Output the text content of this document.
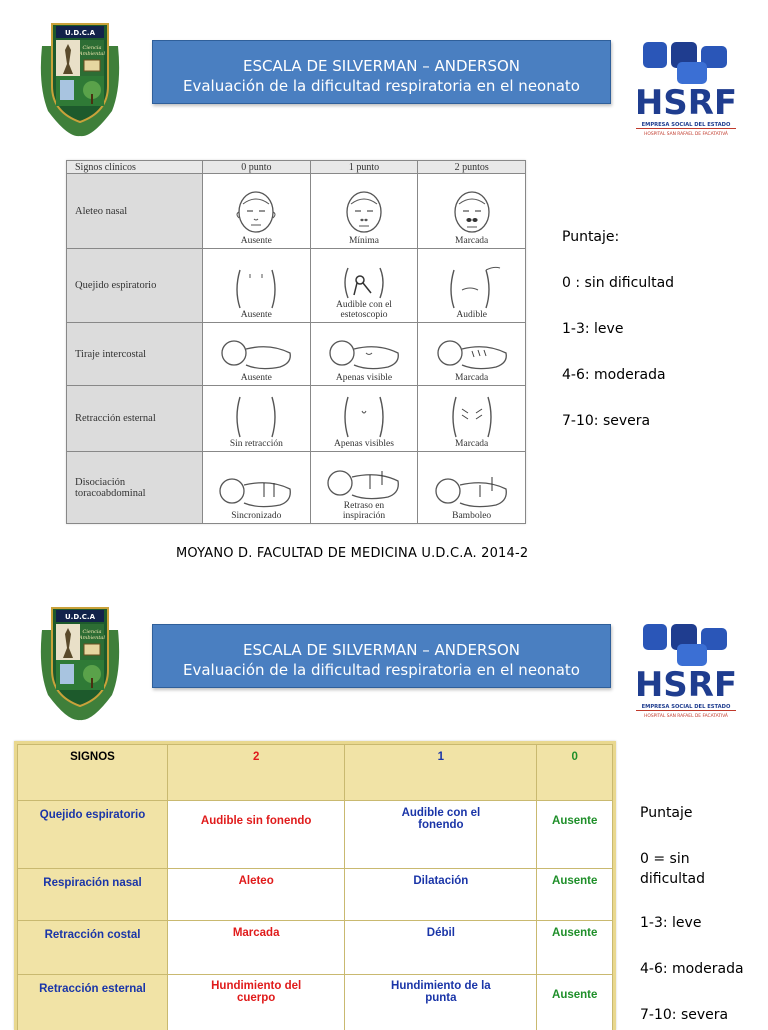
U.D.C.A
Ciencia
Ambiental
ESCALA DE SILVERMAN – ANDERSON
Evaluación de la dificultad respiratoria en el neonato	HSRF
EMPRESA SOCIAL DEL ESTADO
HOSPITAL SAN RAFAEL DE FACATATIVÁ
Signos clínicos	0 punto	1 punto	2 puntos
Aleteo nasal	Ausente	Mínima	Marcada

Quejido espiratorio	Ausente	Audible con el estetoscopio	Audible

Tiraje intercostal	Ausente	Apenas visible	Marcada

Retracción esternal	Sin retracción	Apenas visibles	Marcada

Disociación toracoabdominal	Sincronizado	Retraso en inspiración	Bamboleo
Puntaje:
0 : sin dificultad
1-3: leve
4-6: moderada
7-10: severa
MOYANO D. FACULTAD DE MEDICINA U.D.C.A. 2014-2
U.D.C.A
Ciencia
Ambiental
ESCALA DE SILVERMAN – ANDERSON
Evaluación de la dificultad respiratoria en el neonato	HSRF
EMPRESA SOCIAL DEL ESTADO
HOSPITAL SAN RAFAEL DE FACATATIVÁ
SIGNOS	2	1	0
Quejido espiratorio	Audible sin fonendo	Audible con el fonendo	Ausente
Respiración nasal	Aleteo	Dilatación	Ausente
Retracción costal	Marcada	Débil	Ausente
Retracción esternal	Hundimiento del cuerpo	Hundimiento de la punta	Ausente
Puntaje
0 = sin
dificultad
1-3: leve
4-6: moderada
7-10: severa
